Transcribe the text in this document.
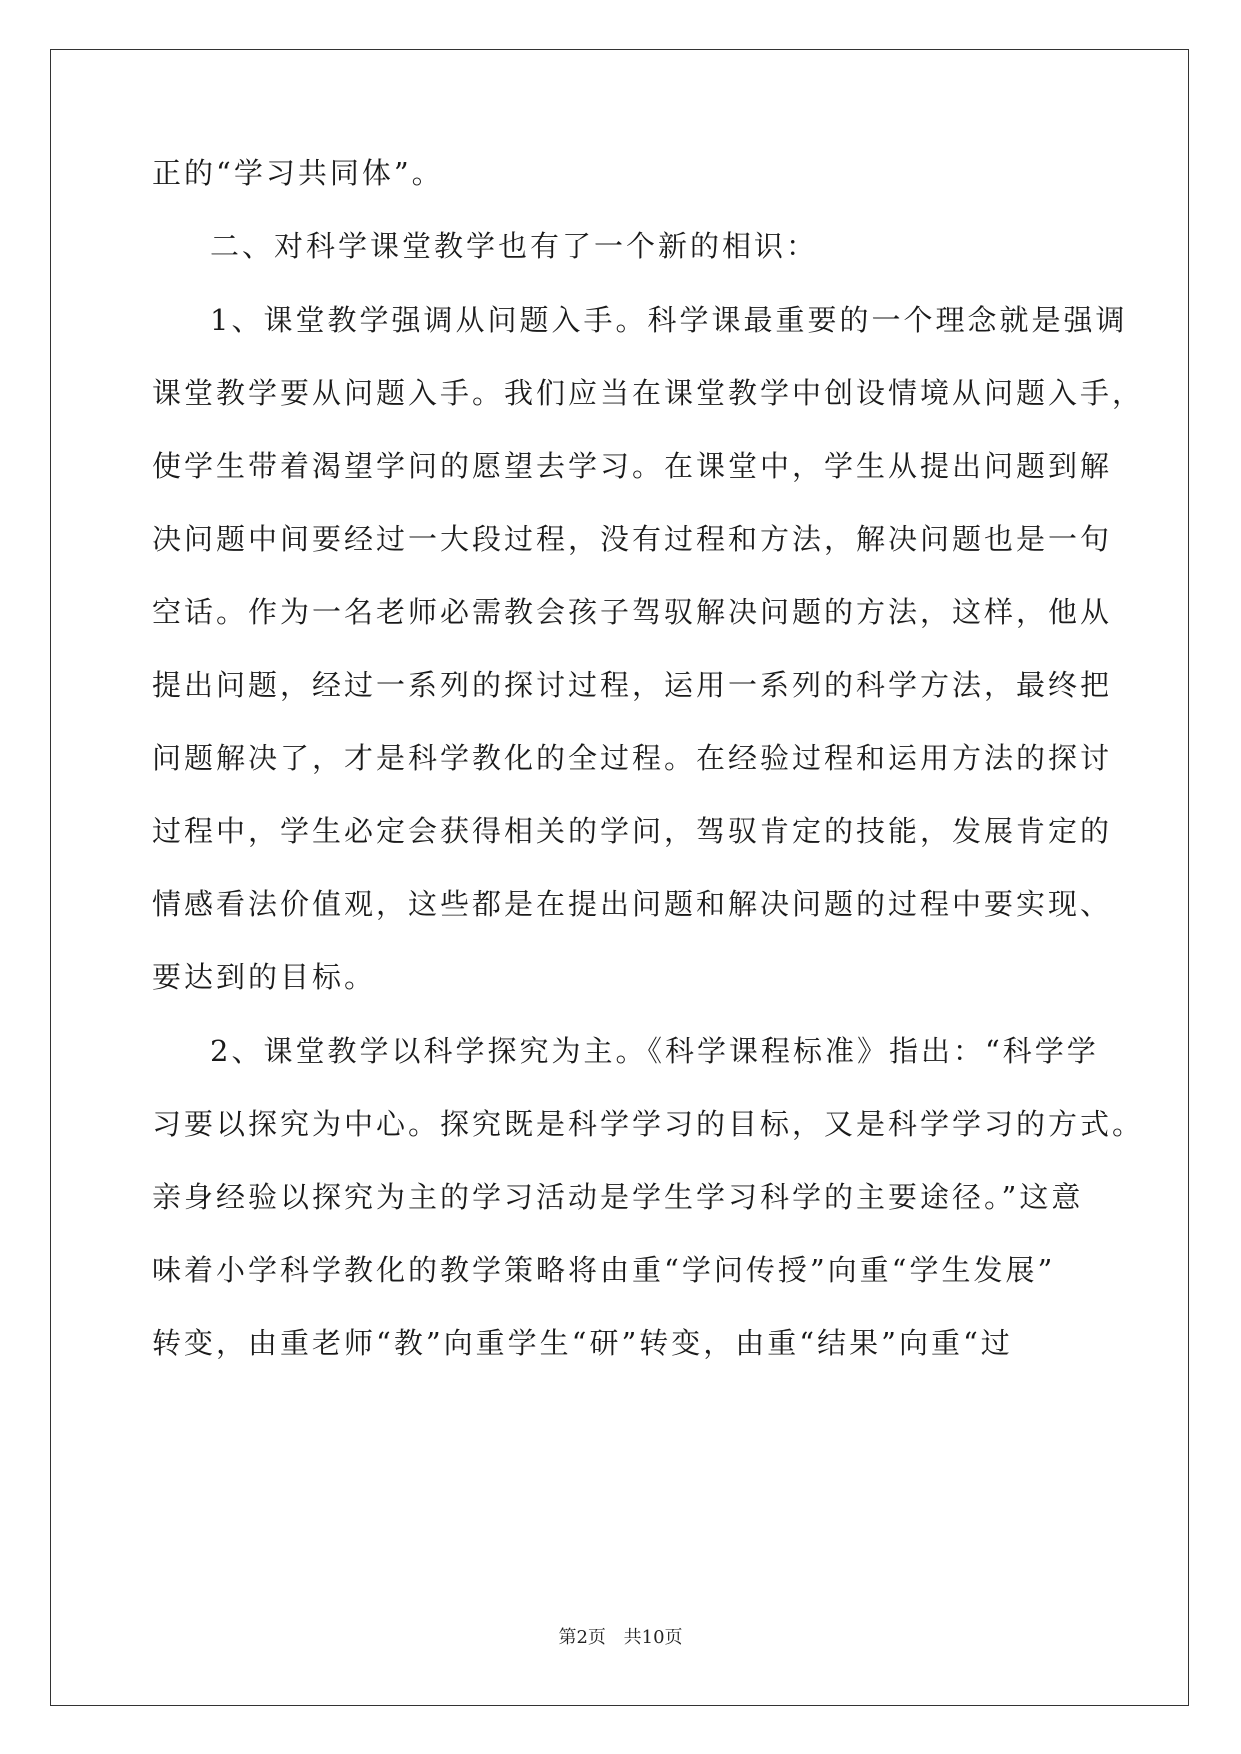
正的“学习共同体”。

二、对科学课堂教学也有了一个新的相识：

1、课堂教学强调从问题入手。科学课最重要的一个理念就是强调

课堂教学要从问题入手。我们应当在课堂教学中创设情境从问题入手，

使学生带着渴望学问的愿望去学习。在课堂中，学生从提出问题到解

决问题中间要经过一大段过程，没有过程和方法，解决问题也是一句

空话。作为一名老师必需教会孩子驾驭解决问题的方法，这样，他从

提出问题，经过一系列的探讨过程，运用一系列的科学方法，最终把

问题解决了，才是科学教化的全过程。在经验过程和运用方法的探讨

过程中，学生必定会获得相关的学问，驾驭肯定的技能，发展肯定的

情感看法价值观，这些都是在提出问题和解决问题的过程中要实现、

要达到的目标。

2、课堂教学以科学探究为主。《科学课程标准》指出：“科学学

习要以探究为中心。探究既是科学学习的目标，又是科学学习的方式。

亲身经验以探究为主的学习活动是学生学习科学的主要途径。”这意

味着小学科学教化的教学策略将由重“学问传授”向重“学生发展”

转变，由重老师“教”向重学生“研”转变，由重“结果”向重“过

第2页 共10页
